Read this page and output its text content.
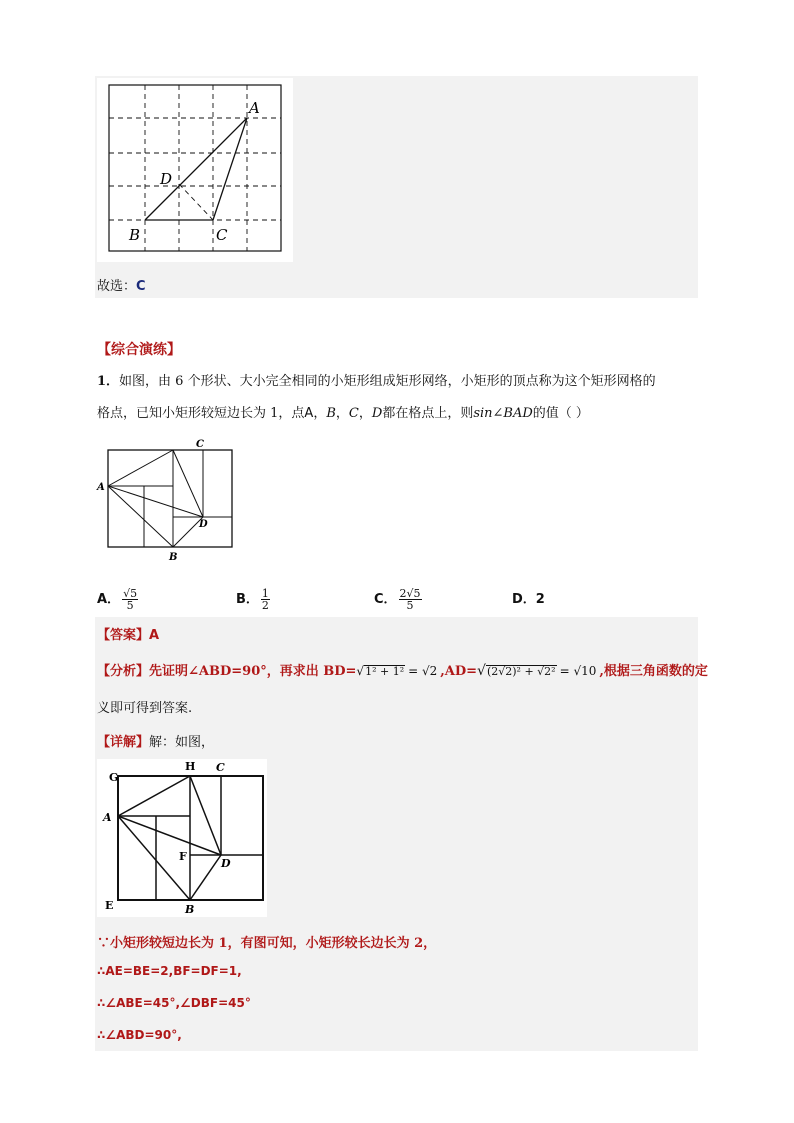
A
D
B	C
故选：C
【综合演练】
1．如图，由 6 个形状、大小完全相同的小矩形组成矩形网络，小矩形的顶点称为这个矩形网格的
格点，已知小矩形较短边长为 1，点A，B，C，D都在格点上，则sin∠BAD的值（ ）
C
A
D
B
A． $\frac{√5}{5}$	B． $\frac{1}{2}$	C． $\frac{2√5}{5}$	D．2
【答案】A
【分析】先证明∠ABD=90°，再求出 BD=√1² + 1² = √2 ,AD=√(2√2)² + √2² = √10 ,根据三角函数的定
义即可得到答案.
【详解】解：如图，
G
H C
A
F
D
E	B
∵小矩形较短边长为 1，有图可知，小矩形较长边长为 2，
∴AE=BE=2,BF=DF=1,
∴∠ABE=45°,∠DBF=45°
∴∠ABD=90°,
